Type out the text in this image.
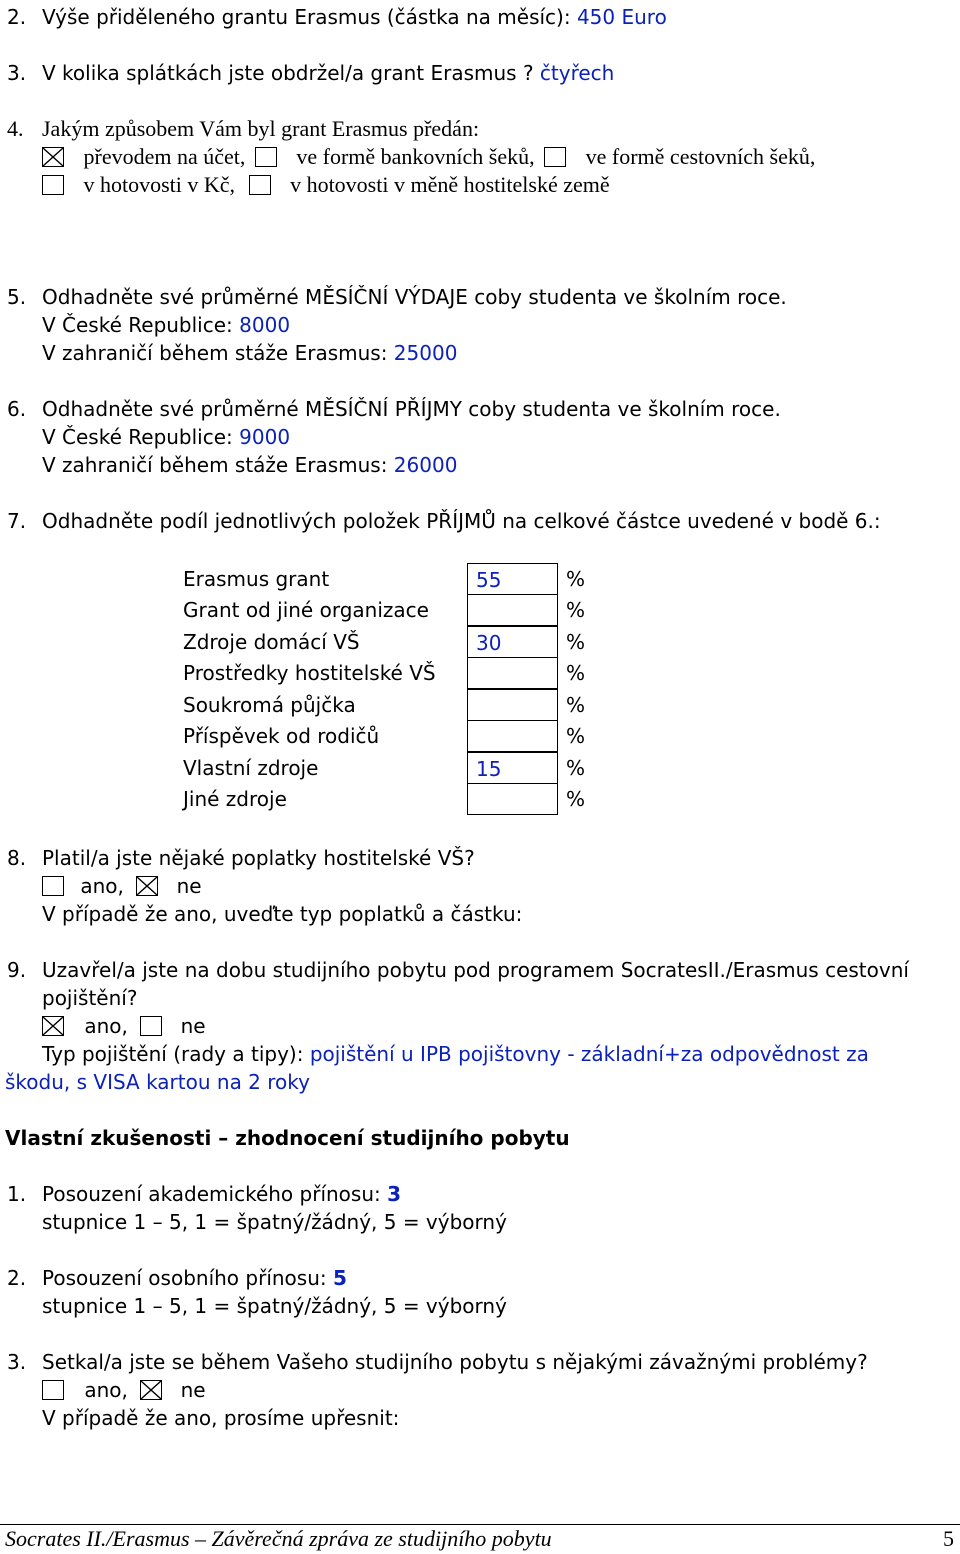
2. Výše přiděleného grantu Erasmus (částka na měsíc): 450 Euro
3. V kolika splátkách jste obdržel/a grant Erasmus ? čtyřech
4. Jakým způsobem Vám byl grant Erasmus předán:
převodem na účet, ve formě bankovních šeků, ve formě cestovních šeků,
v hotovosti v Kč,	v hotovosti v měně hostitelské země
5. Odhadněte své průměrné MĚSÍČNÍ VÝDAJE coby studenta ve školním roce.
V České Republice: 8000
V zahraničí během stáže Erasmus: 25000
6. Odhadněte své průměrné MĚSÍČNÍ PŘÍJMY coby studenta ve školním roce.
V České Republice: 9000
V zahraničí během stáže Erasmus: 26000
7. Odhadněte podíl jednotlivých položek PŘÍJMŮ na celkové částce uvedené v bodě 6.:
Erasmus grant	55	%
Grant od jiné organizace	%
Zdroje domácí VŠ	30	%
Prostředky hostitelské VŠ	%
Soukromá půjčka	%
Příspěvek od rodičů	%
Vlastní zdroje	15	%
Jiné zdroje	%
8. Platil/a jste nějaké poplatky hostitelské VŠ?
ano,	ne
V případě že ano, uveďte typ poplatků a částku:
9. Uzavřel/a jste na dobu studijního pobytu pod programem SocratesII./Erasmus cestovní
pojištění?
ano,	ne
Typ pojištění (rady a tipy): pojištění u IPB pojištovny - základní+za odpovědnost za
škodu, s VISA kartou na 2 roky
Vlastní zkušenosti – zhodnocení studijního pobytu
1. Posouzení akademického přínosu: 3
stupnice 1 – 5, 1 = špatný/žádný, 5 = výborný
2. Posouzení osobního přínosu: 5
stupnice 1 – 5, 1 = špatný/žádný, 5 = výborný
3. Setkal/a jste se během Vašeho studijního pobytu s nějakými závažnými problémy?
ano,	ne
V případě že ano, prosíme upřesnit:
Socrates II./Erasmus – Závěrečná zpráva ze studijního pobytu	5
